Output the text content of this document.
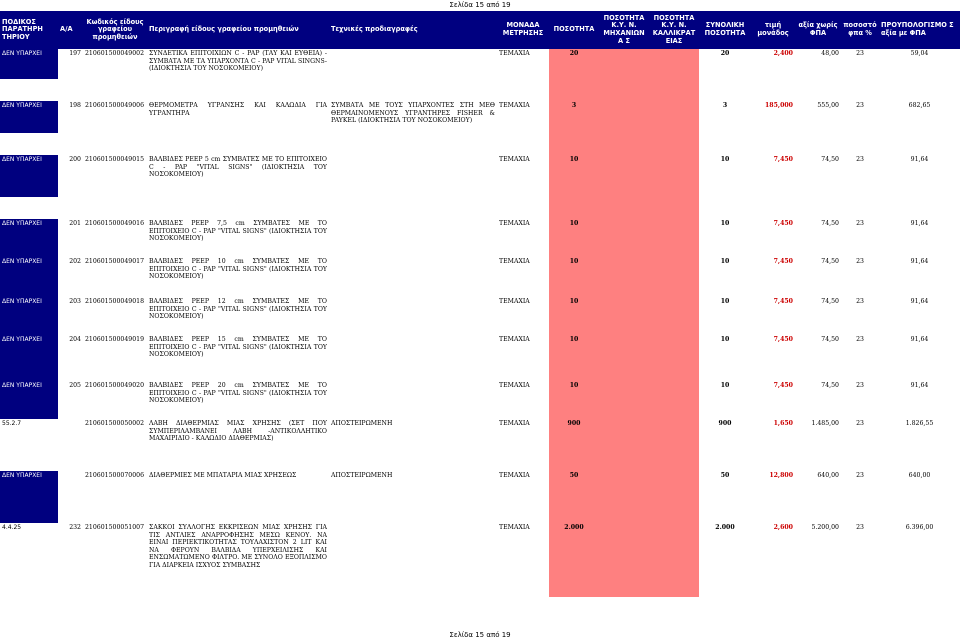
Σελίδα 15 από 19
ΠΟΔΙΚΟΣ ΠΑΡΑΤΗΡΗ ΤΗΡΙΟΥ	Α/Α	Κωδικός είδους γραφείου προμηθειών	Περιγραφή είδους γραφείου προμηθειών	Τεχνικές προδιαγραφές	ΜΟΝΑΔΑ ΜΕΤΡΗΣΗΣ	ΠΟΣΟΤΗΤΑ	ΠΟΣΟΤΗΤΑ Κ.Υ. Ν. ΜΗΧΑΝΙΩΝΑ Σ	ΠΟΣΟΤΗΤΑ Κ.Υ. Ν. ΚΑΛΛΙΚΡΑΤ ΕΙΑΣ	ΣΥΝΟΛΙΚΗ ΠΟΣΟΤΗΤΑ	τιμή μονάδος	αξία χωρίς ΦΠΑ	ποσοστό φπα %	ΠΡΟΥΠΟΛΟΓΙΣΜΟ Σ αξία με ΦΠΑ
ΔΕΝ ΥΠΑΡΧΕΙ	197	210601500049002	ΣΥΝΔΕΤΙΚΑ ΕΠΙΤΟΙΧΙΩΝ C - PAP (ΤΑΥ ΚΑΙ ΕΥΘΕΙΑ) - ΣΥΜΒΑΤΑ ΜΕ ΤΑ ΥΠΑΡΧΟΝΤΑ C - PAP VITAL SINGNS- (ΙΔΙΟΚΤΗΣΙΑ ΤΟΥ ΝΟΣΟΚΟΜΕΙΟΥ)		ΤΕΜΑΧΙΑ	20			20	2,400	48,00	23	59,04

ΔΕΝ ΥΠΑΡΧΕΙ	198	210601500049006	ΘΕΡΜΟΜΕΤΡΑ ΥΓΡΑΝΣΗΣ ΚΑΙ ΚΑΛΩΔΙΑ ΓΙΑ ΥΓΡΑΝΤΗΡΑ	ΣΥΜΒΑΤΑ ΜΕ ΤΟΥΣ ΥΠΑΡΧΟΝΤΕΣ ΣΤΗ ΜΕΘ ΘΕΡΜΑΙΝΟΜΕΝΟΥΣ ΥΓΡΑΝΤΗΡΕΣ FISHER & PAYKEL (ΙΔΙΟΚΤΗΣΙΑ ΤΟΥ ΝΟΣΟΚΟΜΕΙΟΥ)	ΤΕΜΑΧΙΑ	3			3	185,000	555,00	23	682,65

ΔΕΝ ΥΠΑΡΧΕΙ	200	210601500049015	ΒΑΛΒΙΔΕΣ PEEP 5 cm ΣΥΜΒΑΤΕΣ ΜΕ ΤΟ ΕΠΙΤΟΙΧΕΙΟ C - PAP "VITAL SIGNS" (ΙΔΙΟΚΤΗΣΙΑ ΤΟΥ ΝΟΣΟΚΟΜΕΙΟΥ)		ΤΕΜΑΧΙΑ	10			10	7,450	74,50	23	91,64

ΔΕΝ ΥΠΑΡΧΕΙ	201	210601500049016	ΒΑΛΒΙΔΕΣ PEEP 7,5 cm ΣΥΜΒΑΤΕΣ ΜΕ ΤΟ ΕΠΙΤΟΙΧΕΙΟ C - PAP "VITAL SIGNS" (ΙΔΙΟΚΤΗΣΙΑ ΤΟΥ ΝΟΣΟΚΟΜΕΙΟΥ)		ΤΕΜΑΧΙΑ	10			10	7,450	74,50	23	91,64
ΔΕΝ ΥΠΑΡΧΕΙ	202	210601500049017	ΒΑΛΒΙΔΕΣ PEEP 10 cm ΣΥΜΒΑΤΕΣ ΜΕ ΤΟ ΕΠΙΤΟΙΧΕΙΟ C - PAP "VITAL SIGNS" (ΙΔΙΟΚΤΗΣΙΑ ΤΟΥ ΝΟΣΟΚΟΜΕΙΟΥ)		ΤΕΜΑΧΙΑ	10			10	7,450	74,50	23	91,64
ΔΕΝ ΥΠΑΡΧΕΙ	203	210601500049018	ΒΑΛΒΙΔΕΣ PEEP 12 cm ΣΥΜΒΑΤΕΣ ΜΕ ΤΟ ΕΠΙΤΟΙΧΕΙΟ C - PAP "VITAL SIGNS" (ΙΔΙΟΚΤΗΣΙΑ ΤΟΥ ΝΟΣΟΚΟΜΕΙΟΥ)		ΤΕΜΑΧΙΑ	10			10	7,450	74,50	23	91,64
ΔΕΝ ΥΠΑΡΧΕΙ	204	210601500049019	ΒΑΛΒΙΔΕΣ PEEP 15 cm ΣΥΜΒΑΤΕΣ ΜΕ ΤΟ ΕΠΙΤΟΙΧΕΙΟ C - PAP "VITAL SIGNS" (ΙΔΙΟΚΤΗΣΙΑ ΤΟΥ ΝΟΣΟΚΟΜΕΙΟΥ)		ΤΕΜΑΧΙΑ	10			10	7,450	74,50	23	91,64
ΔΕΝ ΥΠΑΡΧΕΙ	205	210601500049020	ΒΑΛΒΙΔΕΣ PEEP 20 cm ΣΥΜΒΑΤΕΣ ΜΕ ΤΟ ΕΠΙΤΟΙΧΕΙΟ C - PAP "VITAL SIGNS" (ΙΔΙΟΚΤΗΣΙΑ ΤΟΥ ΝΟΣΟΚΟΜΕΙΟΥ)		ΤΕΜΑΧΙΑ	10			10	7,450	74,50	23	91,64
55.2.7		210601500050002	ΛΑΒΗ ΔΙΑΘΕΡΜΙΑΣ ΜΙΑΣ ΧΡΗΣΗΣ (ΣΕΤ ΠΟΥ ΣΥΜΠΕΡΙΛΑΜΒΑΝΕΙ ΛΑΒΗ -ΑΝΤΙΚΟΛΛΗΤΙΚΟ ΜΑΧΑΙΡΙΔΙΟ - ΚΑΛΩΔΙΟ ΔΙΑΘΕΡΜΙΑΣ)	ΑΠΟΣΤΕΙΡΩΜΕΝΗ	ΤΕΜΑΧΙΑ	900			900	1,650	1.485,00	23	1.826,55
ΔΕΝ ΥΠΑΡΧΕΙ		210601500070006	ΔΙΑΘΕΡΜΙΕΣ ΜΕ ΜΠΑΤΑΡΙΑ ΜΙΑΣ ΧΡΗΣΕΩΣ	ΑΠΟΣΤΕΙΡΩΜΕΝΗ	ΤΕΜΑΧΙΑ	50			50	12,800	640,00	23	640,00
4.4.25	232	210601500051007	ΣΑΚΚΟΙ ΣΥΛΛΟΓΗΣ ΕΚΚΡΙΣΕΩΝ ΜΙΑΣ ΧΡΗΣΗΣ ΓΙΑ ΤΙΣ ΑΝΤΛΙΕΣ ΑΝΑΡΡΟΦΗΣΗΣ ΜΕΣΩ ΚΕΝΟΥ. ΝΑ ΕΙΝΑΙ ΠΕΡΙΕΚΤΙΚΟΤΗΤΑΣ ΤΟΥΛΑΧΙΣΤΟΝ 2 LIT ΚΑΙ ΝΑ ΦΕΡΟΥΝ ΒΑΛΒΙΔΑ ΥΠΕΡΧΕΙΛΙΣΗΣ ΚΑΙ ΕΝΣΩΜΑΤΩΜΕΝΟ ΦΙΛΤΡΟ. ΜΕ ΣΥΝΟΛΟ ΕΞΟΠΛΙΣΜΟ ΓΙΑ ΔΙΑΡΚΕΙΑ ΙΣΧΥΟΣ ΣΥΜΒΑΣΗΣ		ΤΕΜΑΧΙΑ	2.000			2.000	2,600	5.200,00	23	6.396,00
Σελίδα 15 από 19
